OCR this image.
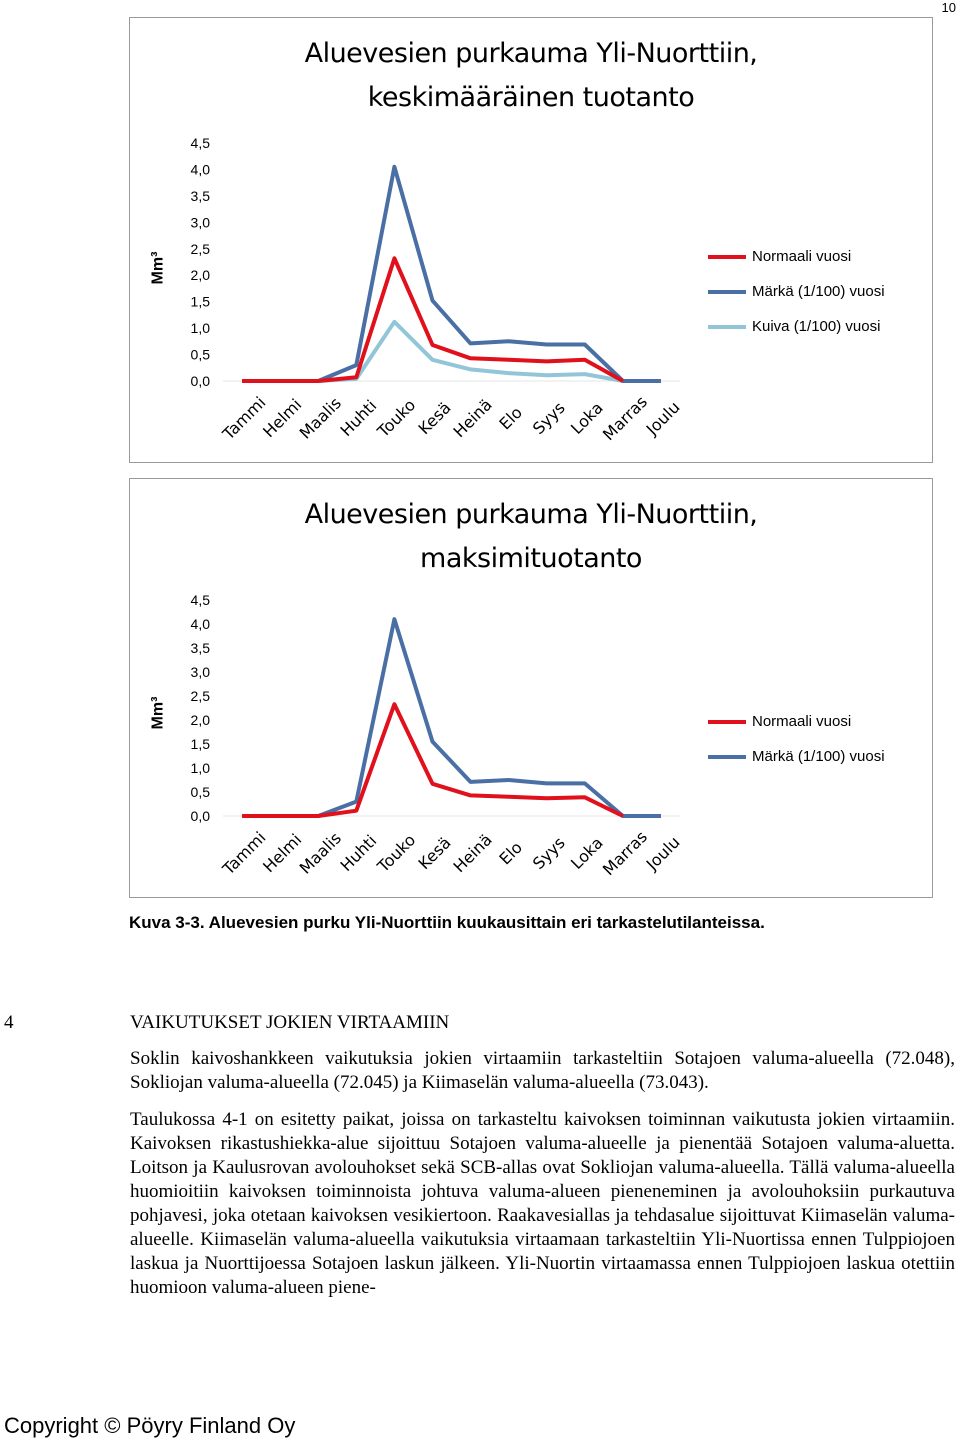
10
Aluevesien purkauma Yli-Nuorttiin,
keskimääräinen tuotanto
Mm³
0,0
0,5
1,0
1,5
2,0
2,5
3,0
3,5
4,0
4,5
Tammi
Helmi
Maalis
Huhti
Touko
Kesä
Heinä Elo Syys
Loka
Marras
Joulu
Normaali vuosi
Märkä (1/100) vuosi
Kuiva (1/100) vuosi
Aluevesien purkauma Yli-Nuorttiin,
maksimituotanto
Mm³
0,0
0,5
1,0
1,5
2,0
2,5
3,0
3,5
4,0
4,5
Tammi
Helmi
Maalis
Huhti
Touko
Kesä
Heinä Elo Syys
Loka
Marras
Joulu
Normaali vuosi
Märkä (1/100) vuosi
Kuva 3-3. Aluevesien purku Yli-Nuorttiin kuukausittain eri tarkastelutilanteissa.
4	VAIKUTUKSET JOKIEN VIRTAAMIIN

Soklin kaivoshankkeen vaikutuksia jokien virtaamiin tarkasteltiin Sotajoen valuma-alueella (72.048), Sokliojan valuma-alueella (72.045) ja Kiimaselän valuma-alueella (73.043).

Taulukossa 4-1 on esitetty paikat, joissa on tarkasteltu kaivoksen toiminnan vaikutusta jokien virtaamiin. Kaivoksen rikastushiekka-alue sijoittuu Sotajoen valuma-alueelle ja pienentää Sotajoen valuma-aluetta. Loitson ja Kaulusrovan avolouhokset sekä SCB-allas ovat Sokliojan valuma-alueella. Tällä valuma-alueella huomioitiin kaivoksen toiminnoista johtuva valuma-alueen pieneneminen ja avolouhoksiin purkautuva pohjavesi, joka otetaan kaivoksen vesikiertoon. Raakavesiallas ja tehdasalue sijoittuvat Kiimaselän valuma-alueelle. Kiimaselän valuma-alueella vaikutuksia virtaamaan tarkasteltiin Yli-Nuortissa ennen Tulppiojoen laskua ja Nuorttijoessa Sotajoen laskun jälkeen. Yli-Nuortin virtaamassa ennen Tulppiojoen laskua otettiin huomioon valuma-alueen piene-

Copyright © Pöyry Finland Oy
